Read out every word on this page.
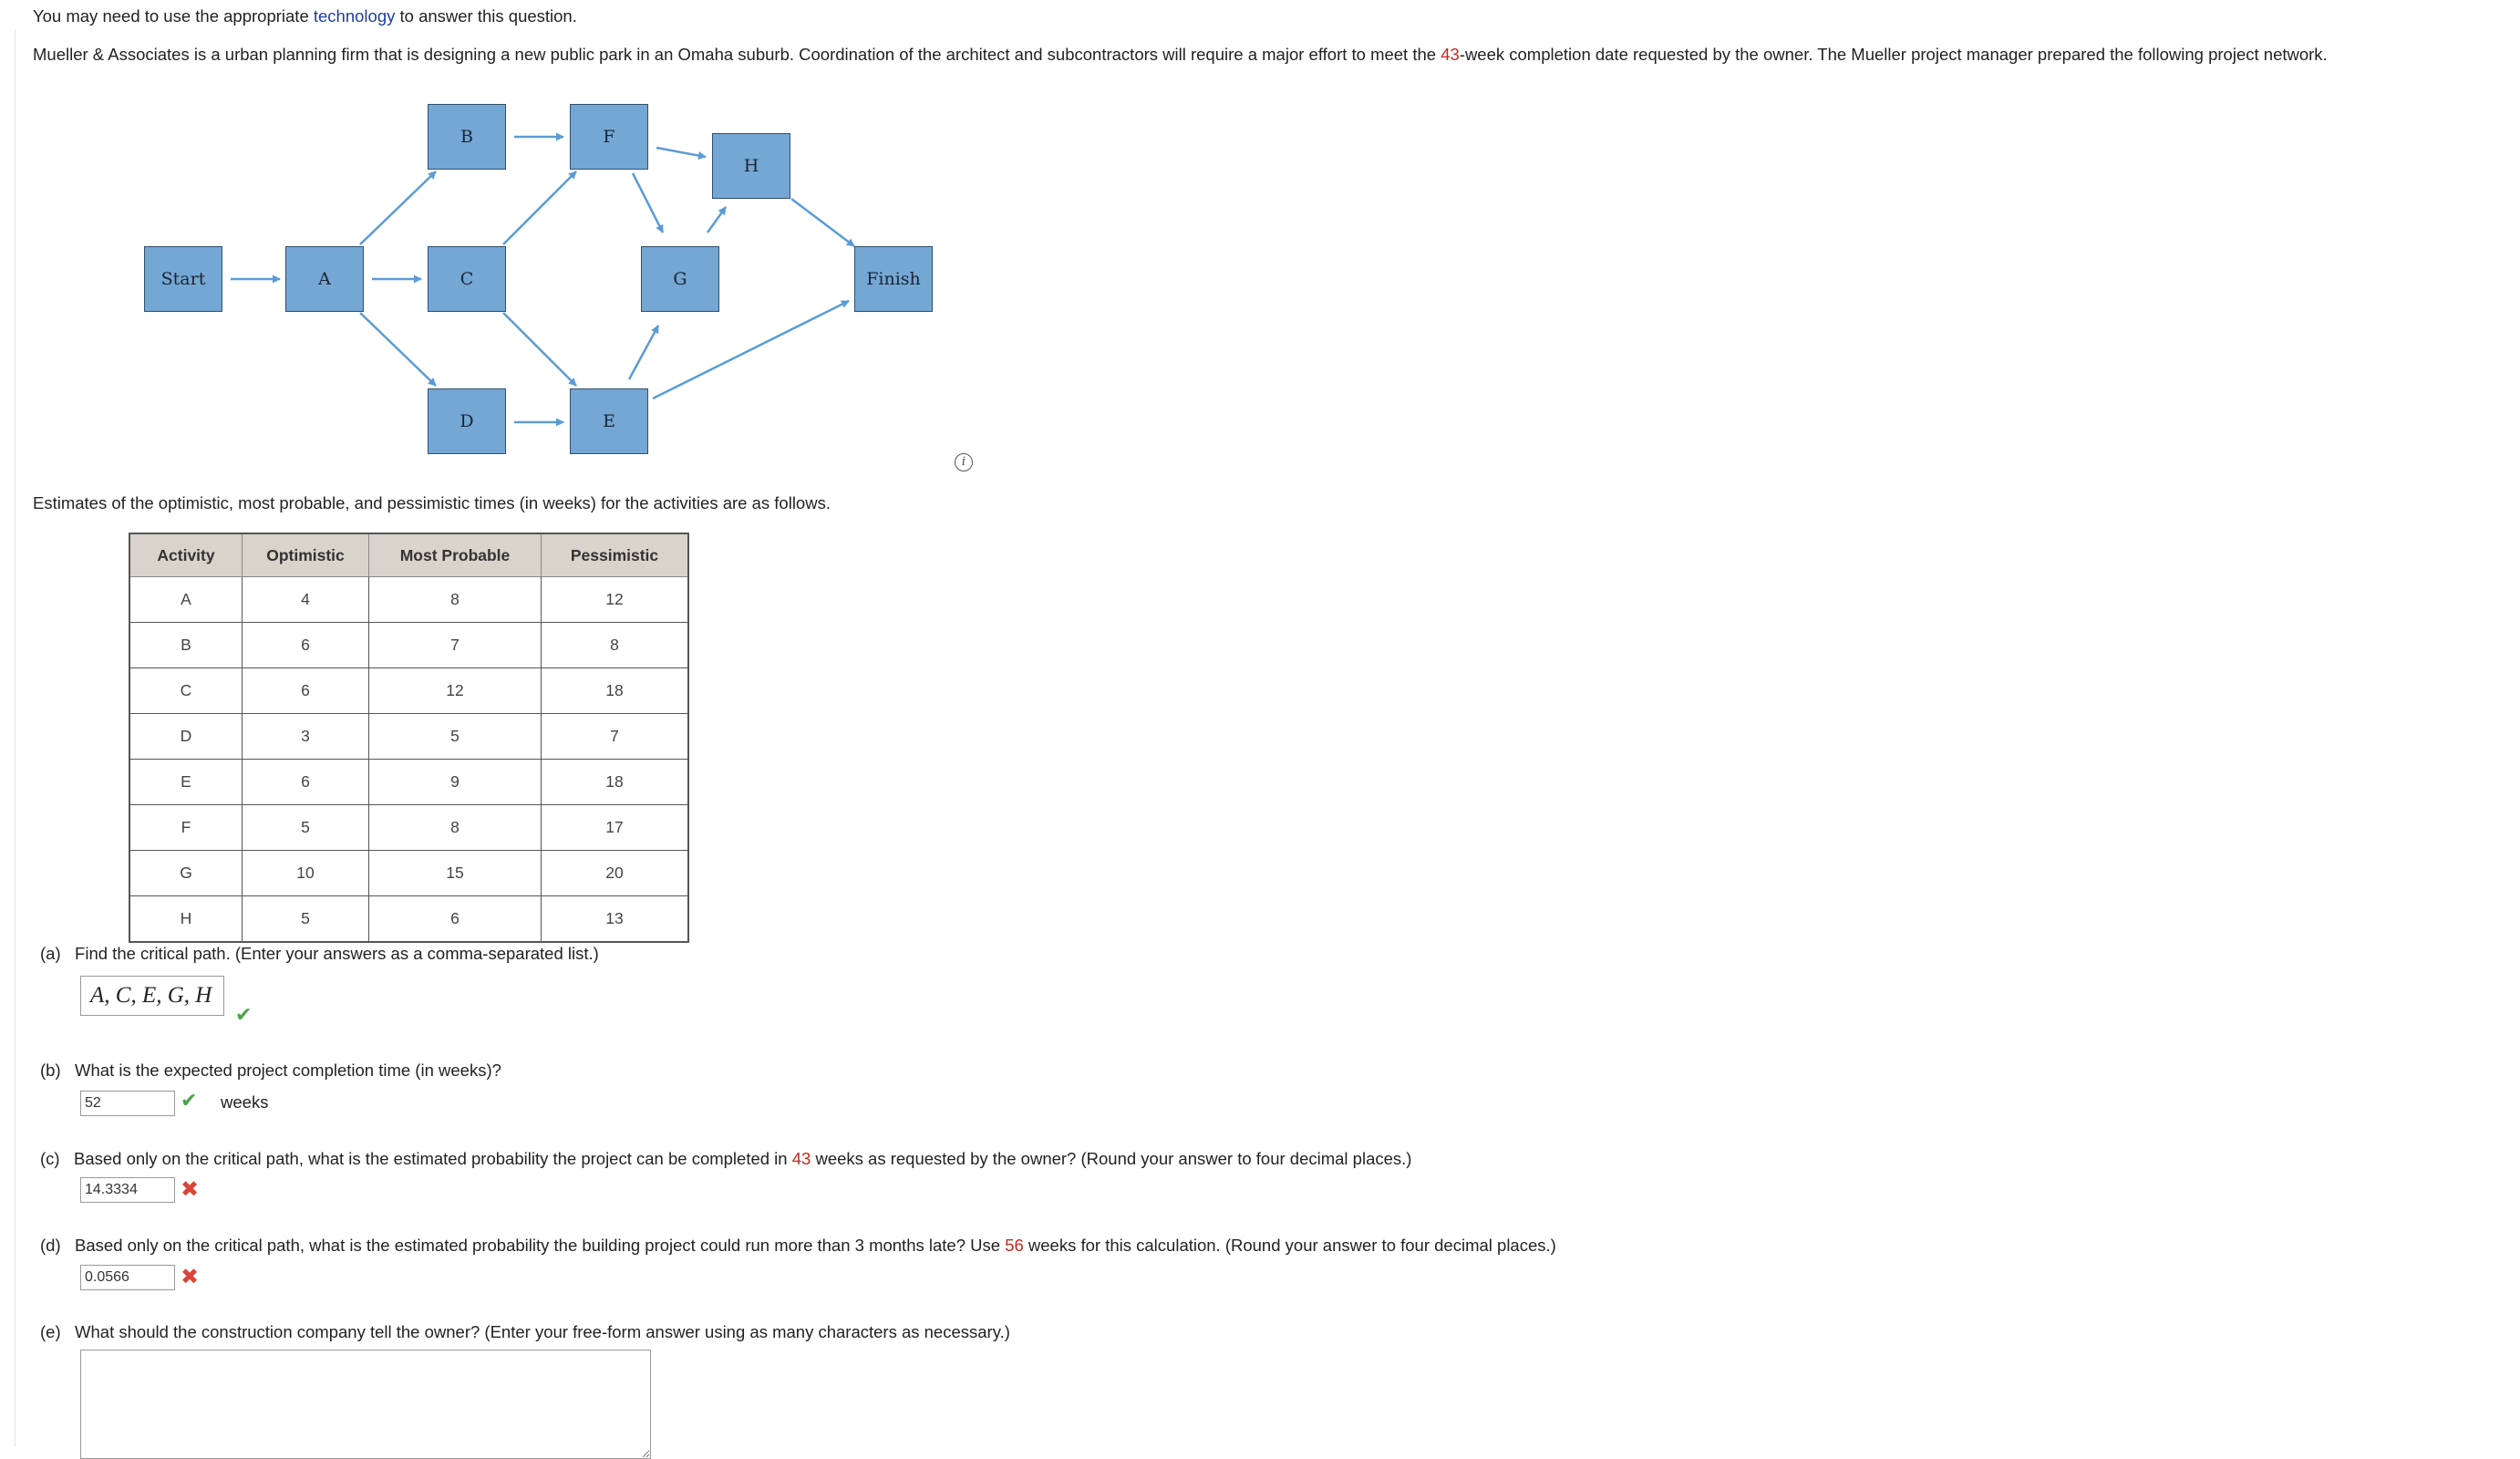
You may need to use the appropriate technology to answer this question.
Mueller & Associates is a urban planning firm that is designing a new public park in an Omaha suburb. Coordination of the architect and subcontractors will require a major effort to meet the 43-week completion date requested by the owner. The Mueller project manager prepared the following project network.
Start	A
B
C
D	E
F
G
H
Finish
i
Estimates of the optimistic, most probable, and pessimistic times (in weeks) for the activities are as follows.
Activity	Optimistic	Most Probable	Pessimistic
A	4	8	12
B	6	7	8
C	6	12	18
D	3	5	7
E	6	9	18
F	5	8	17
G	10	15	20
H	5	6	13
(a) Find the critical path. (Enter your answers as a comma-separated list.)
A, C, E, G, H
✔
(b) What is the expected project completion time (in weeks)?
52
✔ weeks
(c) Based only on the critical path, what is the estimated probability the project can be completed in 43 weeks as requested by the owner? (Round your answer to four decimal places.)
14.3334
✖
(d) Based only on the critical path, what is the estimated probability the building project could run more than 3 months late? Use 56 weeks for this calculation. (Round your answer to four decimal places.)
0.0566
✖
(e) What should the construction company tell the owner? (Enter your free-form answer using as many characters as necessary.)
